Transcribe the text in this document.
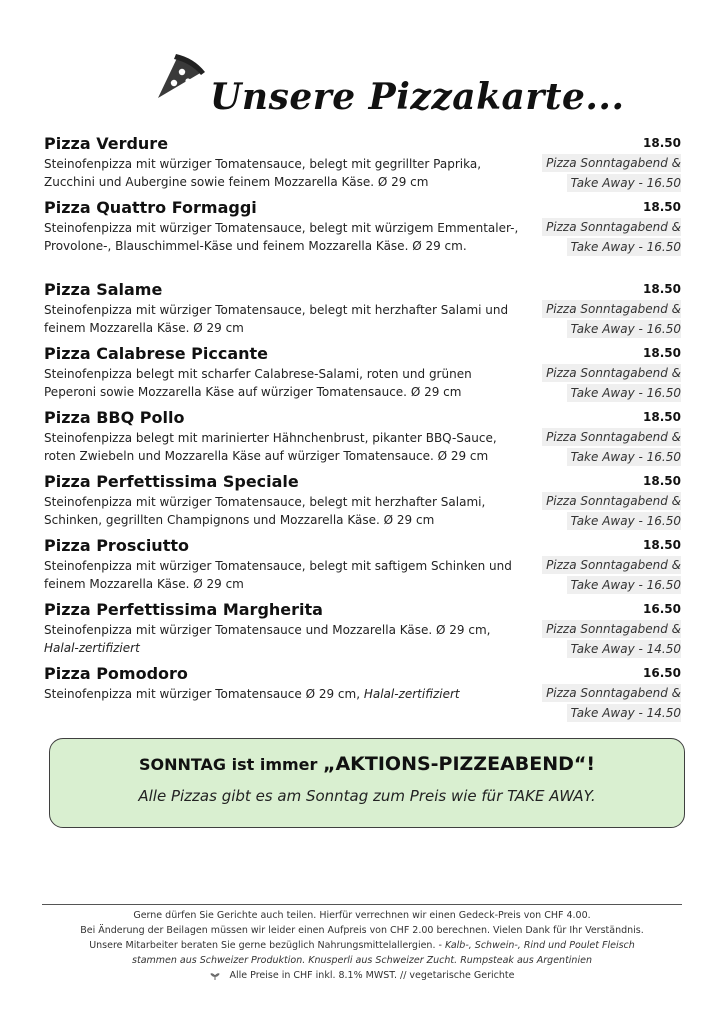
Unsere Pizzakarte...
Pizza Verdure
Steinofenpizza mit würziger Tomatensauce, belegt mit gegrillter Paprika, Zucchini und Aubergine sowie feinem Mozzarella Käse. Ø 29 cm
18.50
Pizza Sonntagabend &
Take Away - 16.50
Pizza Quattro Formaggi
Steinofenpizza mit würziger Tomatensauce, belegt mit würzigem Emmentaler-, Provolone-, Blauschimmel-Käse und feinem Mozzarella Käse. Ø 29 cm.
18.50
Pizza Sonntagabend &
Take Away - 16.50
Pizza Salame
Steinofenpizza mit würziger Tomatensauce, belegt mit herzhafter Salami und feinem Mozzarella Käse. Ø 29 cm
18.50
Pizza Sonntagabend &
Take Away - 16.50
Pizza Calabrese Piccante
Steinofenpizza belegt mit scharfer Calabrese-Salami, roten und grünen Peperoni sowie Mozzarella Käse auf würziger Tomatensauce. Ø 29 cm
18.50
Pizza Sonntagabend &
Take Away - 16.50
Pizza BBQ Pollo
Steinofenpizza belegt mit marinierter Hähnchenbrust, pikanter BBQ-Sauce, roten Zwiebeln und Mozzarella Käse auf würziger Tomatensauce. Ø 29 cm
18.50
Pizza Sonntagabend &
Take Away - 16.50
Pizza Perfettissima Speciale
Steinofenpizza mit würziger Tomatensauce, belegt mit herzhafter Salami, Schinken, gegrillten Champignons und Mozzarella Käse. Ø 29 cm
18.50
Pizza Sonntagabend &
Take Away - 16.50
Pizza Prosciutto
Steinofenpizza mit würziger Tomatensauce, belegt mit saftigem Schinken und feinem Mozzarella Käse. Ø 29 cm
18.50
Pizza Sonntagabend &
Take Away - 16.50
Pizza Perfettissima Margherita
Steinofenpizza mit würziger Tomatensauce und Mozzarella Käse. Ø 29 cm, Halal-zertifiziert
16.50
Pizza Sonntagabend &
Take Away - 14.50
Pizza Pomodoro
Steinofenpizza mit würziger Tomatensauce Ø 29 cm, Halal-zertifiziert
16.50
Pizza Sonntagabend &
Take Away - 14.50
SONNTAG ist immer „AKTIONS-PIZZEABEND“!
Alle Pizzas gibt es am Sonntag zum Preis wie für TAKE AWAY.
Gerne dürfen Sie Gerichte auch teilen. Hierfür verrechnen wir einen Gedeck-Preis von CHF 4.00.
Bei Änderung der Beilagen müssen wir leider einen Aufpreis von CHF 2.00 berechnen. Vielen Dank für Ihr Verständnis.
Unsere Mitarbeiter beraten Sie gerne bezüglich Nahrungsmittelallergien. - Kalb-, Schwein-, Rind und Poulet Fleisch
stammen aus Schweizer Produktion. Knusperli aus Schweizer Zucht. Rumpsteak aus Argentinien
Alle Preise in CHF inkl. 8.1% MWST. // vegetarische Gerichte
